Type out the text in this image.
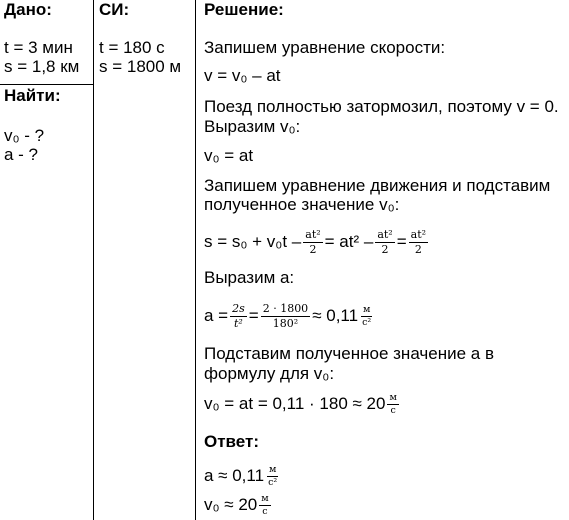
Дано:
t = 3 мин
s = 1,8 км
Найти:
v₀ - ?
a - ?
СИ:
t = 180 с
s = 1800 м
Решение:
Запишем уравнение скорости:
v = v₀ – at
Поезд полностью затормозил, поэтому v = 0.
Выразим v₀:
v₀ = at
Запишем уравнение движения и подставим
полученное значение v₀:
$s = s_0 + v_0t - \frac{\text{at²}}{2} = at^2 - \frac{\text{at²}}{2} = \frac{\text{at²}}{2}$
Выразим a:
$a = \frac{2s}{\text{t²}} = \frac{2 \cdot 1800}{\text{180²}} \approx 0,11 \frac{м}{\text{с²}}$
Подставим полученное значение a в
формулу для v₀:
v₀ = at = $0,11 \cdot 180 \approx 20 \frac{м}{с}$
Ответ:
$a \approx 0,11 \frac{м}{\text{с²}}$
$v_0 \approx 20 \frac{м}{с}$
